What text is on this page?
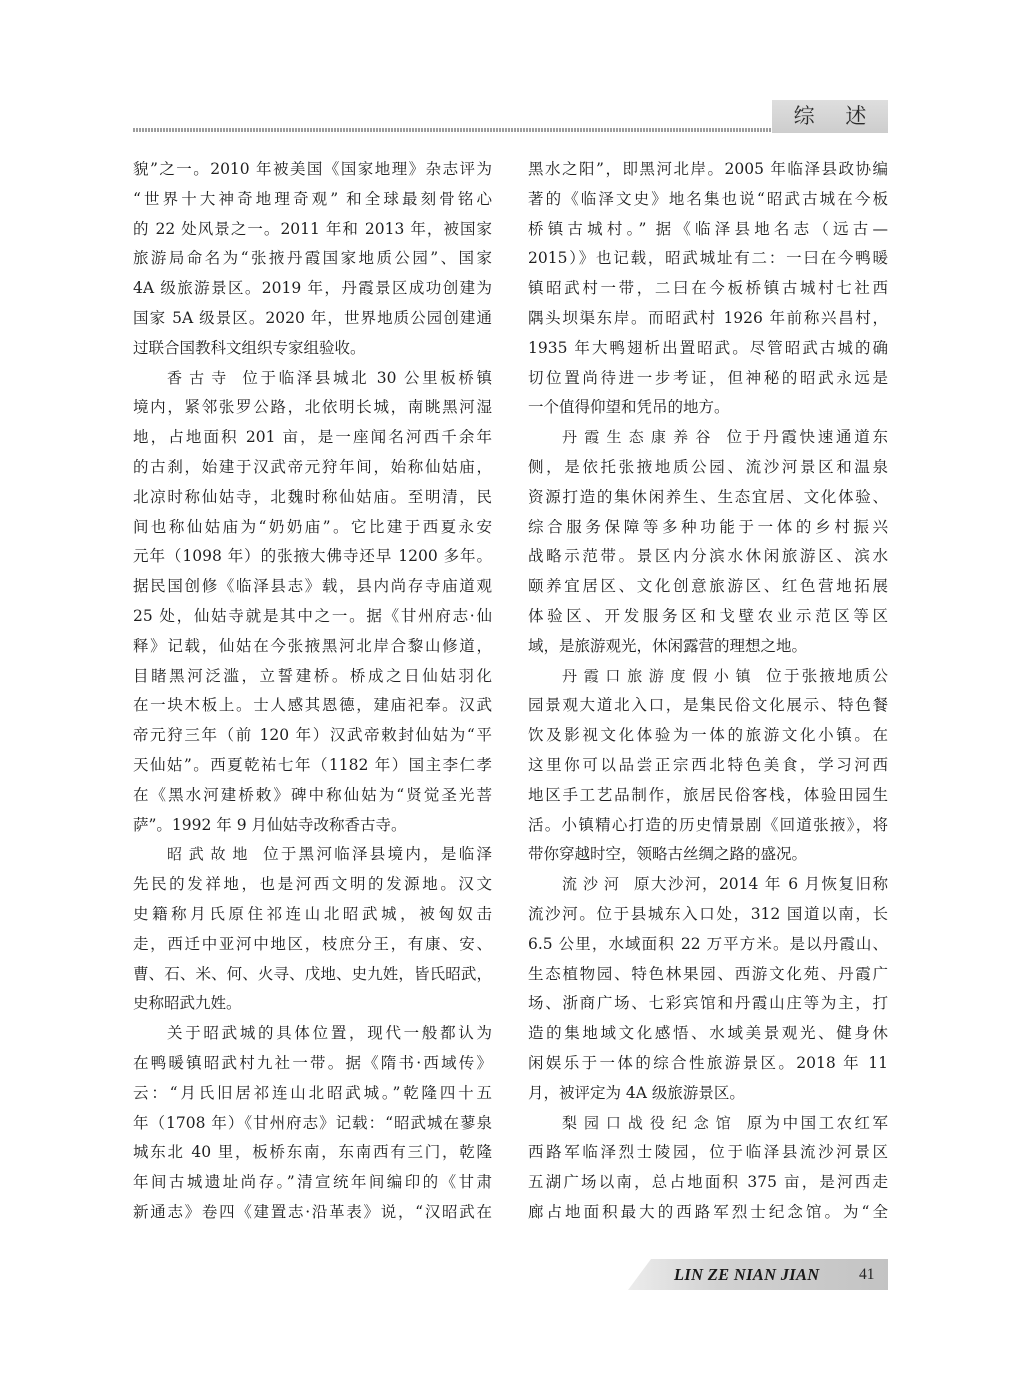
综 述
貌”之一。2010 年被美国《国家地理》杂志评为
“世界十大神奇地理奇观” 和全球最刻骨铭心
的 22 处风景之一。2011 年和 2013 年，被国家
旅游局命名为“张掖丹霞国家地质公园”、国家
4A 级旅游景区。2019 年，丹霞景区成功创建为
国家 5A 级景区。2020 年，世界地质公园创建通
过联合国教科文组织专家组验收。
香古寺 位于临泽县城北 30 公里板桥镇
境内，紧邻张罗公路，北依明长城，南眺黑河湿
地，占地面积 201 亩，是一座闻名河西千余年
的古刹，始建于汉武帝元狩年间，始称仙姑庙，
北凉时称仙姑寺，北魏时称仙姑庙。至明清，民
间也称仙姑庙为“奶奶庙”。它比建于西夏永安
元年（1098 年）的张掖大佛寺还早 1200 多年。
据民国创修《临泽县志》载，县内尚存寺庙道观
25 处，仙姑寺就是其中之一。据《甘州府志·仙
释》记载，仙姑在今张掖黑河北岸合黎山修道，
目睹黑河泛滥，立誓建桥。桥成之日仙姑羽化
在一块木板上。士人感其恩德，建庙祀奉。汉武
帝元狩三年（前 120 年）汉武帝敕封仙姑为“平
天仙姑”。西夏乾祐七年（1182 年）国主李仁孝
在《黑水河建桥敕》碑中称仙姑为“贤觉圣光菩
萨”。1992 年 9 月仙姑寺改称香古寺。
昭武故地 位于黑河临泽县境内，是临泽
先民的发祥地，也是河西文明的发源地。汉文
史籍称月氏原住祁连山北昭武城，被匈奴击
走，西迁中亚河中地区，枝庶分王，有康、安、
曹、石、米、何、火寻、戊地、史九姓，皆氏昭武，
史称昭武九姓。
关于昭武城的具体位置，现代一般都认为
在鸭暖镇昭武村九社一带。据《隋书·西域传》
云：“月氏旧居祁连山北昭武城。”乾隆四十五
年（1708 年）《甘州府志》记载：“昭武城在蓼泉
城东北 40 里，板桥东南，东南西有三门，乾隆
年间古城遗址尚存。”清宣统年间编印的《甘肃
新通志》卷四《建置志·沿革表》说，“汉昭武在
黑水之阳”，即黑河北岸。2005 年临泽县政协编
著的《临泽文史》地名集也说“昭武古城在今板
桥镇古城村。” 据《临泽县地名志（远古—
2015）》也记载，昭武城址有二：一曰在今鸭暖
镇昭武村一带，二曰在今板桥镇古城村七社西
隅头坝渠东岸。而昭武村 1926 年前称兴昌村，
1935 年大鸭翅析出置昭武。尽管昭武古城的确
切位置尚待进一步考证，但神秘的昭武永远是
一个值得仰望和凭吊的地方。
丹霞生态康养谷 位于丹霞快速通道东
侧，是依托张掖地质公园、流沙河景区和温泉
资源打造的集休闲养生、生态宜居、文化体验、
综合服务保障等多种功能于一体的乡村振兴
战略示范带。景区内分滨水休闲旅游区、滨水
颐养宜居区、文化创意旅游区、红色营地拓展
体验区、开发服务区和戈壁农业示范区等区
域，是旅游观光，休闲露营的理想之地。
丹霞口旅游度假小镇 位于张掖地质公
园景观大道北入口，是集民俗文化展示、特色餐
饮及影视文化体验为一体的旅游文化小镇。在
这里你可以品尝正宗西北特色美食，学习河西
地区手工艺品制作，旅居民俗客栈，体验田园生
活。小镇精心打造的历史情景剧《回道张掖》，将
带你穿越时空，领略古丝绸之路的盛况。
流沙河 原大沙河，2014 年 6 月恢复旧称
流沙河。位于县城东入口处，312 国道以南，长
6.5 公里，水域面积 22 万平方米。是以丹霞山、
生态植物园、特色林果园、西游文化苑、丹霞广
场、浙商广场、七彩宾馆和丹霞山庄等为主，打
造的集地域文化感悟、水域美景观光、健身休
闲娱乐于一体的综合性旅游景区。2018 年 11
月，被评定为 4A 级旅游景区。
梨园口战役纪念馆 原为中国工农红军
西路军临泽烈士陵园，位于临泽县流沙河景区
五湖广场以南，总占地面积 375 亩，是河西走
廊占地面积最大的西路军烈士纪念馆。为“全
LIN ZE NIAN JIAN	41
